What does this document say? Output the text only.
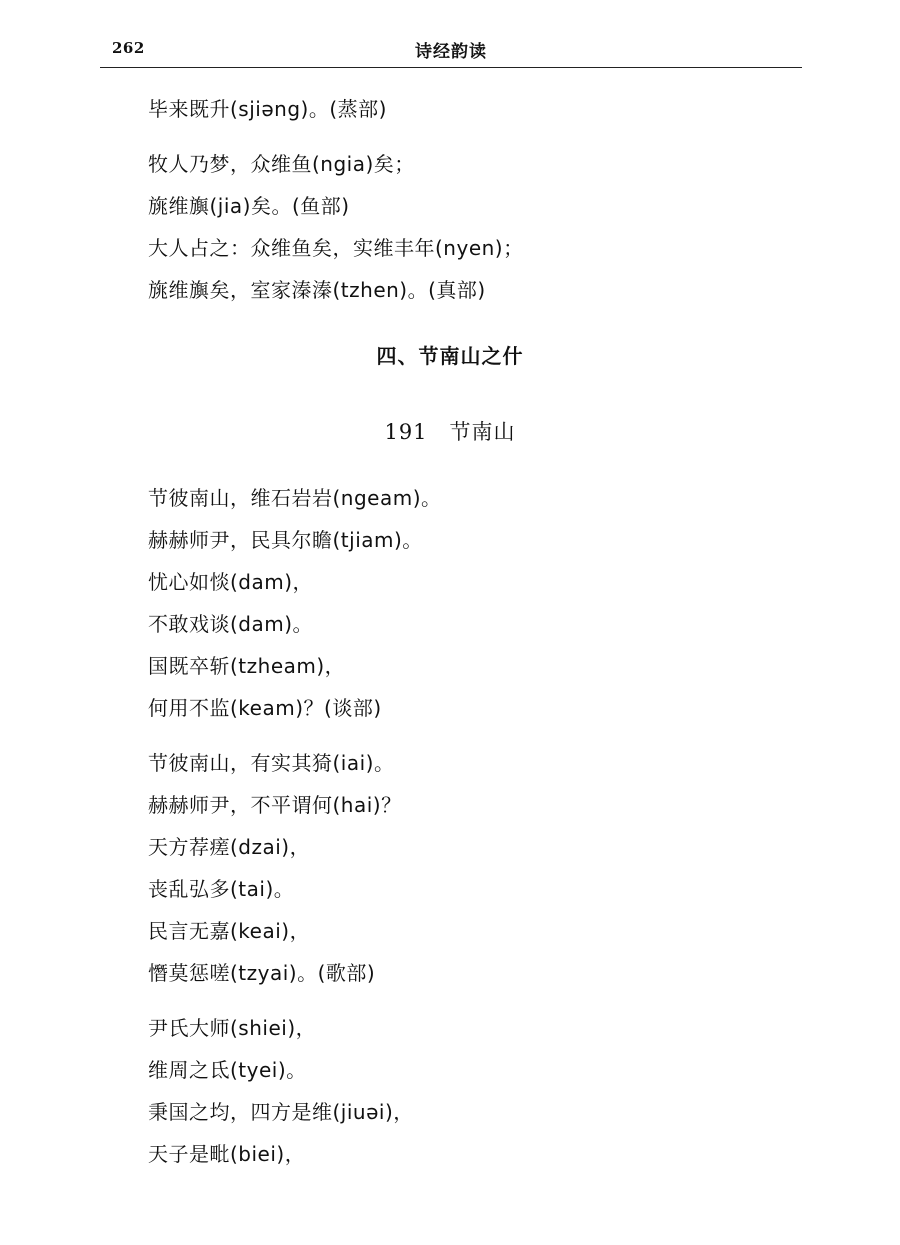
262	诗经韵读
毕来既升(sjiəng)。(蒸部)
牧人乃梦，众维鱼(ngia)矣；
旐维旟(jia)矣。(鱼部)
大人占之：众维鱼矣，实维丰年(nyen)；
旐维旟矣，室家溱溱(tzhen)。(真部)
四、节南山之什
191 节南山
节彼南山，维石岩岩(ngeam)。
赫赫师尹，民具尔瞻(tjiam)。
忧心如惔(dam)，
不敢戏谈(dam)。
国既卒斩(tzheam)，
何用不监(keam)？(谈部)
节彼南山，有实其猗(iai)。
赫赫师尹，不平谓何(hai)？
天方荐瘥(dzai)，
丧乱弘多(tai)。
民言无嘉(keai)，
憯莫惩嗟(tzyai)。(歌部)
尹氏大师(shiei)，
维周之氐(tyei)。
秉国之均，四方是维(jiuəi)，
天子是毗(biei)，
